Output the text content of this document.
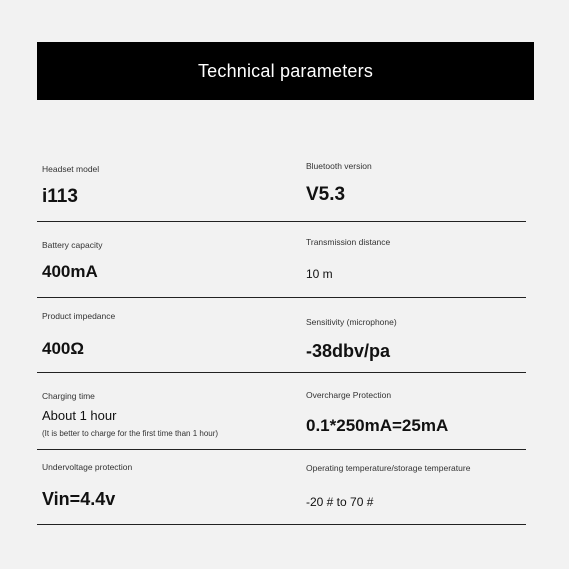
Technical parameters
Headset model
i113
Bluetooth version
V5.3
Battery capacity
400mA
Transmission distance
10 m
Product impedance
400Ω
Sensitivity (microphone)
-38dbv/pa
Charging time
About 1 hour
(It is better to charge for the first time than 1 hour)
Overcharge Protection
0.1*250mA=25mA
Undervoltage protection
Vin=4.4v
Operating temperature/storage temperature
-20 # to 70 #
